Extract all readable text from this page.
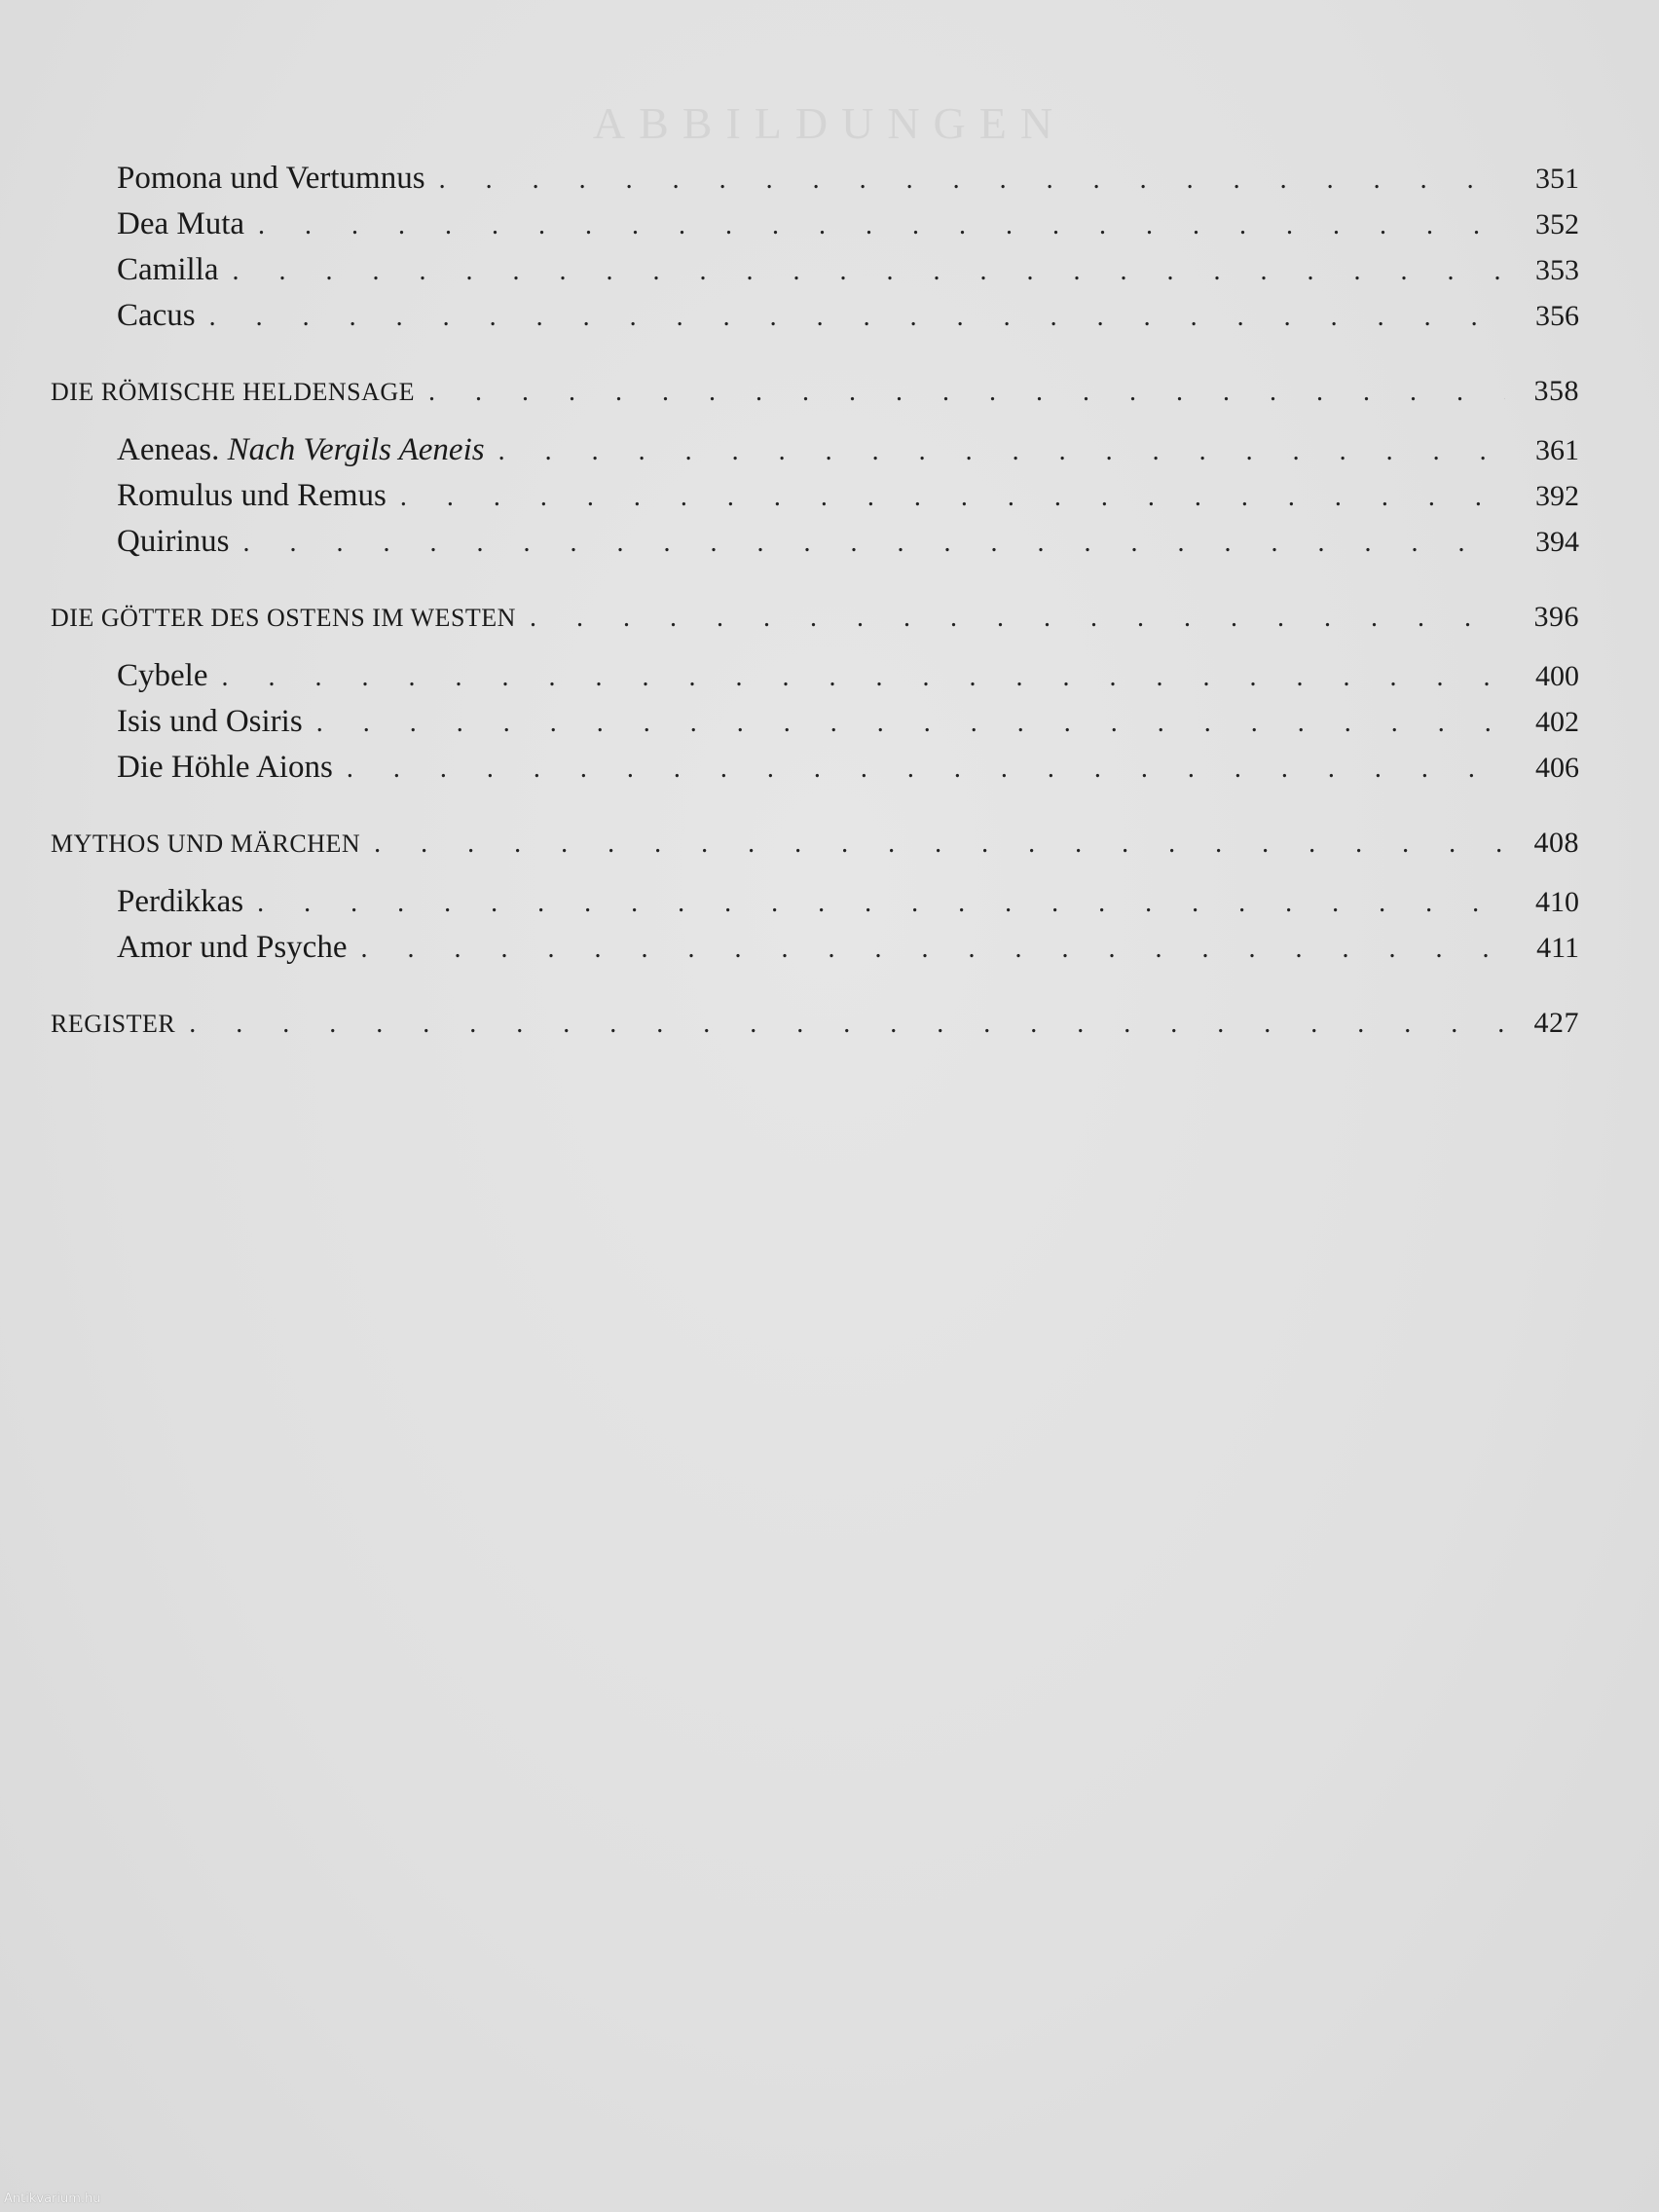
ABBILDUNGEN
Pomona und Vertumnus . . .	351
Dea Muta . . .	352
Camilla . . .	353
Cacus . . .	356
DIE RÖMISCHE HELDENSAGE . . .	358
Aeneas. Nach Vergils Aeneis . . .	361
Romulus und Remus . . .	392
Quirinus . . .	394
DIE GÖTTER DES OSTENS IM WESTEN . . .	396
Cybele . . .	400
Isis und Osiris . . .	402
Die Höhle Aions . . .	406
MYTHOS UND MÄRCHEN . . .	408
Perdikkas . . .	410
Amor und Psyche . . .	411
REGISTER . . .	427
Antikvarium.hu
